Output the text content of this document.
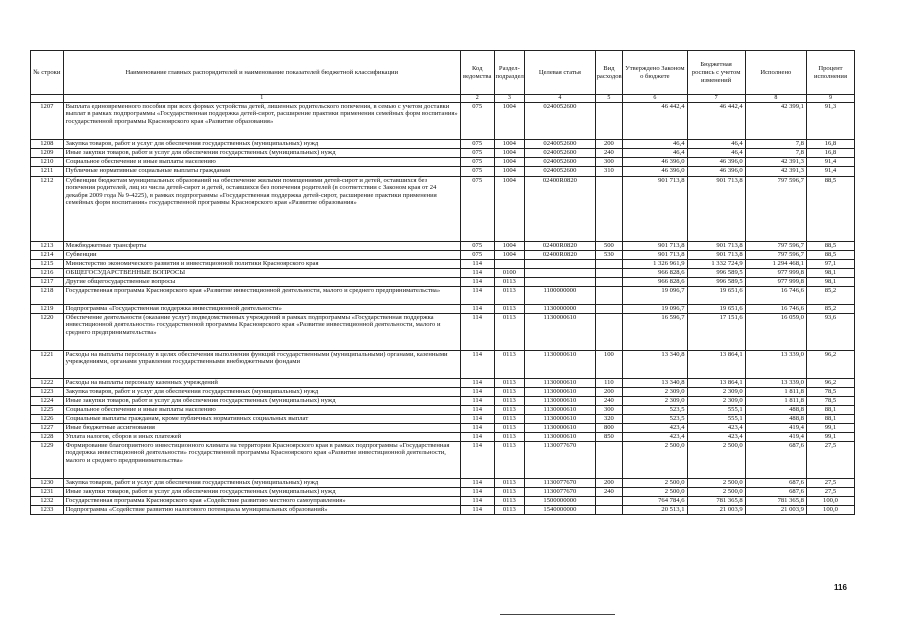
№ строки	Наименование главных распорядителей и наименование показателей бюджетной классификации	Код ведомства	Раздел-подраздел	Целевая статья	Вид расходов	Утверждено Законом о бюджете	Бюджетная роспись с учетом изменений	Исполнено	Процент исполнения
	1	2	3	4	5	6	7	8	9
1207	Выплата единовременного пособия при всех формах устройства детей, лишенных родительского попечения, в семью с учетом доставки выплат в рамках подпрограммы «Государственная поддержка детей-сирот, расширение практики применения семейных форм воспитания» государственной программы Красноярского края «Развитие образования»	075	1004	0240052600		46 442,4	46 442,4	42 399,1	91,3
1208	Закупка товаров, работ и услуг для обеспечения государственных (муниципальных) нужд	075	1004	0240052600	200	46,4	46,4	7,8	16,8
1209	Иные закупки товаров, работ и услуг для обеспечения государственных (муниципальных) нужд	075	1004	0240052600	240	46,4	46,4	7,8	16,8
1210	Социальное обеспечение и иные выплаты населению	075	1004	0240052600	300	46 396,0	46 396,0	42 391,3	91,4
1211	Публичные нормативные социальные выплаты гражданам	075	1004	0240052600	310	46 396,0	46 396,0	42 391,3	91,4
1212	Субвенции бюджетам муниципальных образований на обеспечение жилыми помещениями детей-сирот и детей, оставшихся без попечения родителей, лиц из числа детей-сирот и детей, оставшихся без попечения родителей (в соответствии с Законом края от 24 декабря 2009 года № 9-4225), в рамках подпрограммы «Государственная поддержка детей-сирот, расширение практики применения семейных форм воспитания» государственной программы Красноярского края «Развитие образования»	075	1004	02400R0820		901 713,8	901 713,8	797 596,7	88,5
1213	Межбюджетные трансферты	075	1004	02400R0820	500	901 713,8	901 713,8	797 596,7	88,5
1214	Субвенции	075	1004	02400R0820	530	901 713,8	901 713,8	797 596,7	88,5
1215	Министерство экономического развития и инвестиционной политики Красноярского края	114				1 326 961,9	1 332 724,9	1 294 468,1	97,1
1216	ОБЩЕГОСУДАРСТВЕННЫЕ ВОПРОСЫ	114	0100			966 828,6	996 589,5	977 999,8	98,1
1217	Другие общегосударственные вопросы	114	0113			966 828,6	996 589,5	977 999,8	98,1
1218	Государственная программа Красноярского края «Развитие инвестиционной деятельности, малого и среднего предпринимательства»	114	0113	1100000000		19 096,7	19 651,6	16 746,6	85,2
1219	Подпрограмма «Государственная поддержка инвестиционной деятельности»	114	0113	1130000000		19 096,7	19 651,6	16 746,6	85,2
1220	Обеспечение деятельности (оказание услуг) подведомственных учреждений в рамках подпрограммы «Государственная поддержка инвестиционной деятельности» государственной программы Красноярского края «Развитие инвестиционной деятельности, малого и среднего предпринимательства»	114	0113	1130000610		16 596,7	17 151,6	16 059,0	93,6
1221	Расходы на выплаты персоналу в целях обеспечения выполнения функций государственными (муниципальными) органами, казенными учреждениями, органами управления государственными внебюджетными фондами	114	0113	1130000610	100	13 340,8	13 864,1	13 339,0	96,2
1222	Расходы на выплаты персоналу казенных учреждений	114	0113	1130000610	110	13 340,8	13 864,1	13 339,0	96,2
1223	Закупка товаров, работ и услуг для обеспечения государственных (муниципальных) нужд	114	0113	1130000610	200	2 309,0	2 309,0	1 811,8	78,5
1224	Иные закупки товаров, работ и услуг для обеспечения государственных (муниципальных) нужд	114	0113	1130000610	240	2 309,0	2 309,0	1 811,8	78,5
1225	Социальное обеспечение и иные выплаты населению	114	0113	1130000610	300	523,5	555,1	488,8	88,1
1226	Социальные выплаты гражданам, кроме публичных нормативных социальных выплат	114	0113	1130000610	320	523,5	555,1	488,8	88,1
1227	Иные бюджетные ассигнования	114	0113	1130000610	800	423,4	423,4	419,4	99,1
1228	Уплата налогов, сборов и иных платежей	114	0113	1130000610	850	423,4	423,4	419,4	99,1
1229	Формирование благоприятного инвестиционного климата на территории Красноярского края в рамках подпрограммы «Государственная поддержка инвестиционной деятельности» государственной программы Красноярского края «Развитие инвестиционной деятельности, малого и среднего предпринимательства»	114	0113	1130077670		2 500,0	2 500,0	687,6	27,5
1230	Закупка товаров, работ и услуг для обеспечения государственных (муниципальных) нужд	114	0113	1130077670	200	2 500,0	2 500,0	687,6	27,5
1231	Иные закупки товаров, работ и услуг для обеспечения государственных (муниципальных) нужд	114	0113	1130077670	240	2 500,0	2 500,0	687,6	27,5
1232	Государственная программа Красноярского края «Содействие развитию местного самоуправления»	114	0113	1500000000		764 784,6	781 365,8	781 365,8	100,0
1233	Подпрограмма «Содействие развитию налогового потенциала муниципальных образований»	114	0113	1540000000		20 513,1	21 003,9	21 003,9	100,0
116
